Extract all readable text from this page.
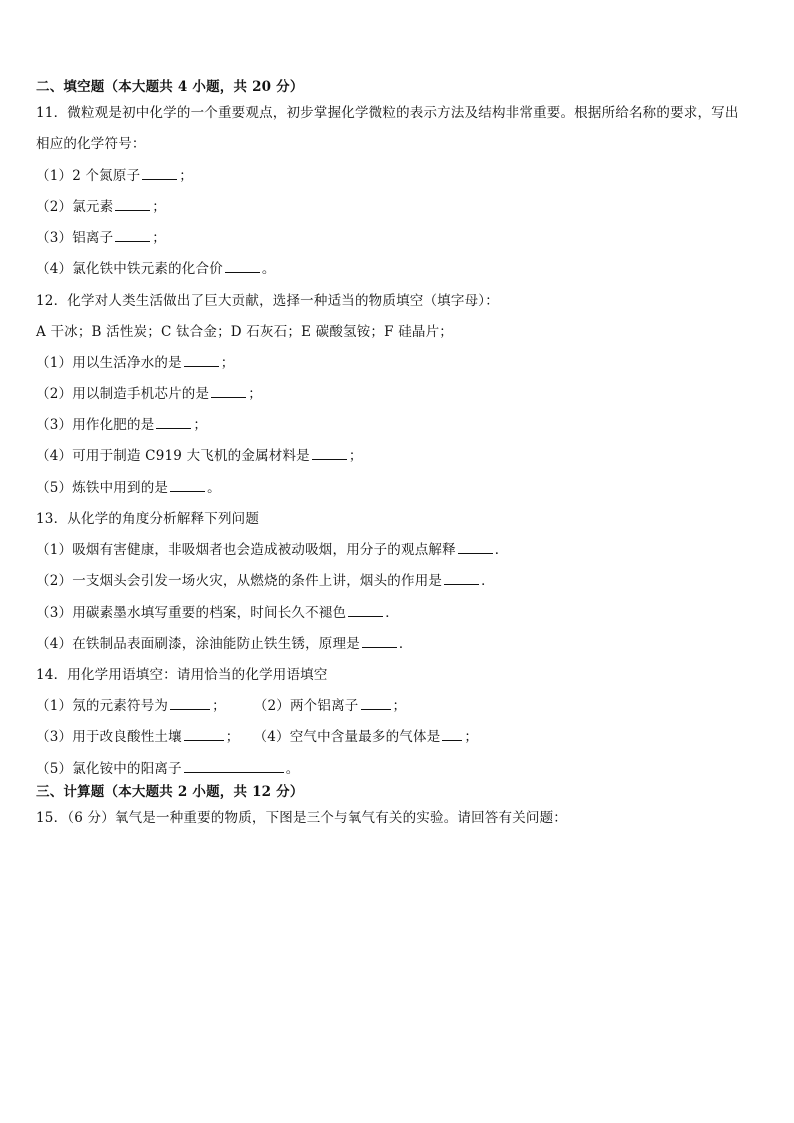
二、填空题（本大题共 4 小题，共 20 分）
11．微粒观是初中化学的一个重要观点，初步掌握化学微粒的表示方法及结构非常重要。根据所给名称的要求，写出
相应的化学符号：
（1）2 个氮原子	；
（2）氯元素	；
（3）铝离子	；
（4）氯化铁中铁元素的化合价	。
12．化学对人类生活做出了巨大贡献，选择一种适当的物质填空（填字母）：
A 干冰；B 活性炭；C 钛合金；D 石灰石；E 碳酸氢铵；F 硅晶片；
（1）用以生活净水的是	；
（2）用以制造手机芯片的是	；
（3）用作化肥的是	；
（4）可用于制造 C919 大飞机的金属材料是	；
（5）炼铁中用到的是	。
13．从化学的角度分析解释下列问题
（1）吸烟有害健康，非吸烟者也会造成被动吸烟，用分子的观点解释	．
（2）一支烟头会引发一场火灾，从燃烧的条件上讲，烟头的作用是	．
（3）用碳素墨水填写重要的档案，时间长久不褪色	．
（4）在铁制品表面刷漆，涂油能防止铁生锈，原理是	．
14．用化学用语填空：请用恰当的化学用语填空
（1）氖的元素符号为	； （2）两个铝离子	；
（3）用于改良酸性土壤	； （4）空气中含量最多的气体是 ；
（5）氯化铵中的阳离子	。
三、计算题（本大题共 2 小题，共 12 分）
15．（6 分）氧气是一种重要的物质，下图是三个与氧气有关的实验。请回答有关问题：
